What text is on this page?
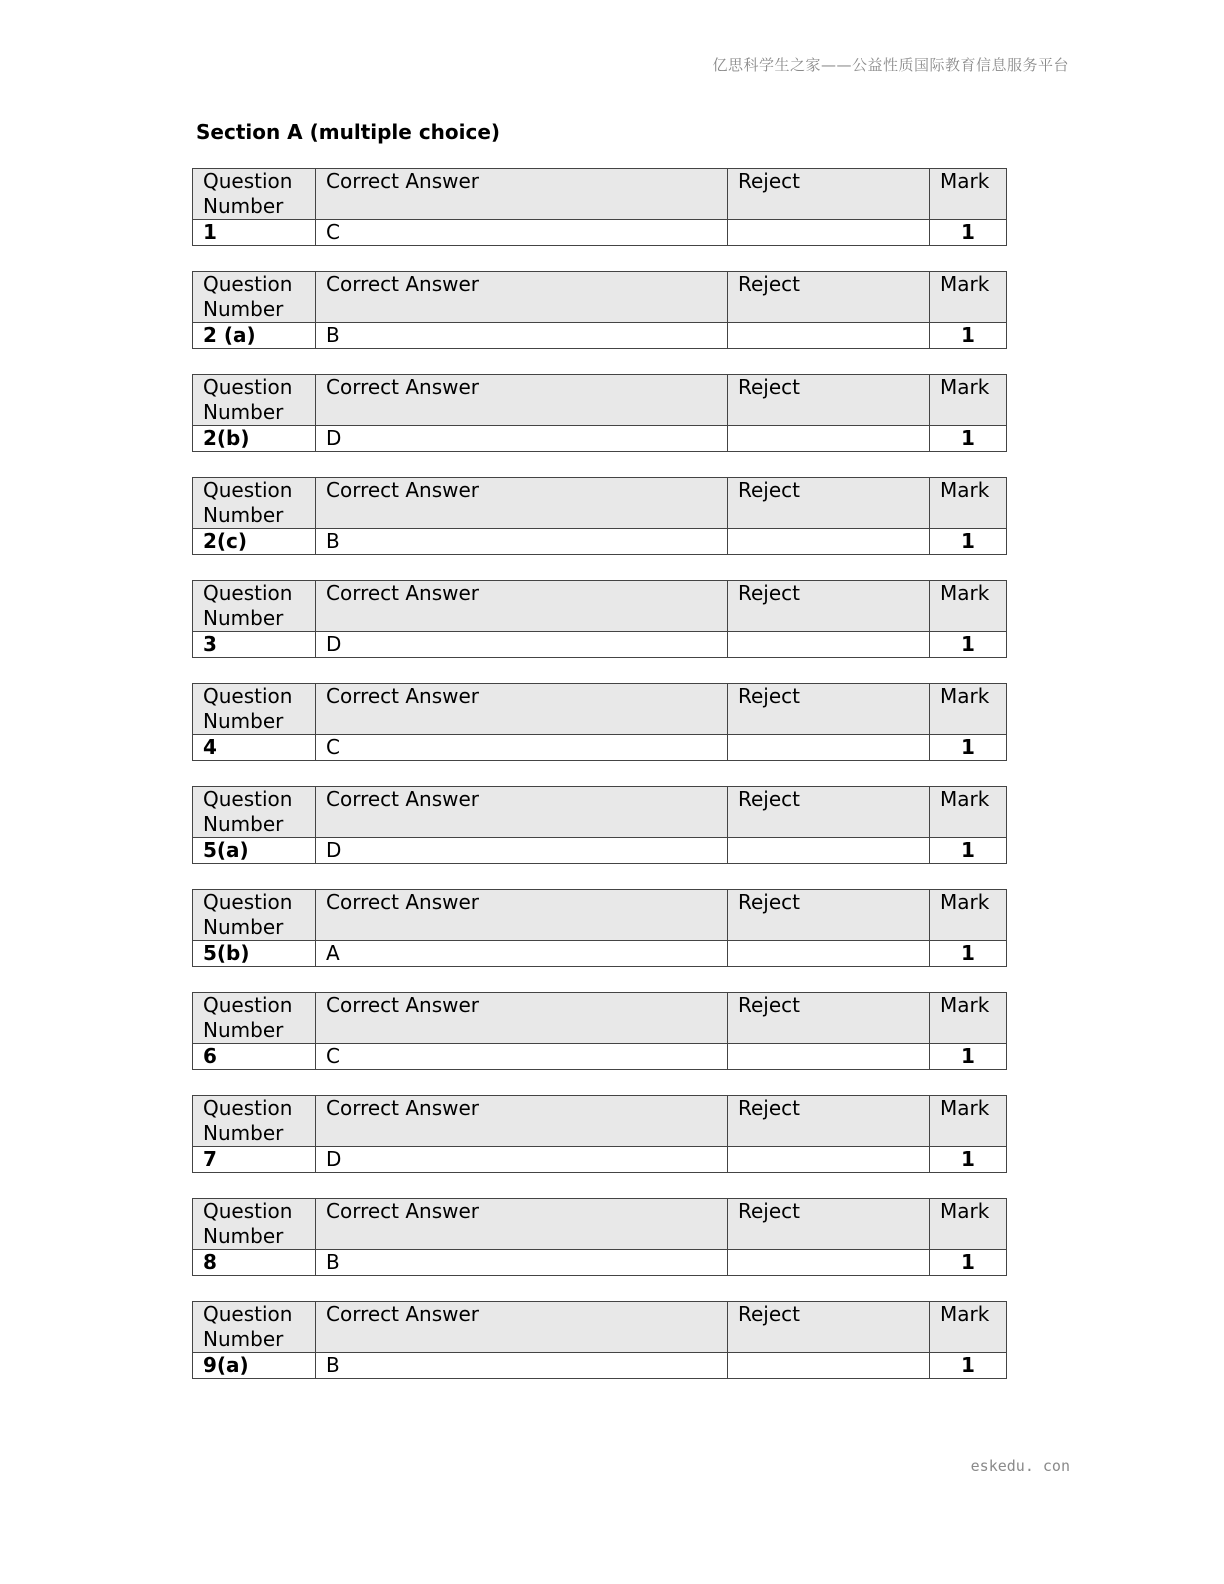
亿思科学生之家——公益性质国际教育信息服务平台
Section A (multiple choice)
Question Number	Correct Answer	Reject	Mark
1	C		1
Question Number	Correct Answer	Reject	Mark
2 (a)	B		1
Question Number	Correct Answer	Reject	Mark
2(b)	D		1
Question Number	Correct Answer	Reject	Mark
2(c)	B		1
Question Number	Correct Answer	Reject	Mark
3	D		1
Question Number	Correct Answer	Reject	Mark
4	C		1
Question Number	Correct Answer	Reject	Mark
5(a)	D		1
Question Number	Correct Answer	Reject	Mark
5(b)	A		1
Question Number	Correct Answer	Reject	Mark
6	C		1
Question Number	Correct Answer	Reject	Mark
7	D		1
Question Number	Correct Answer	Reject	Mark
8	B		1
Question Number	Correct Answer	Reject	Mark
9(a)	B		1
eskedu. con
